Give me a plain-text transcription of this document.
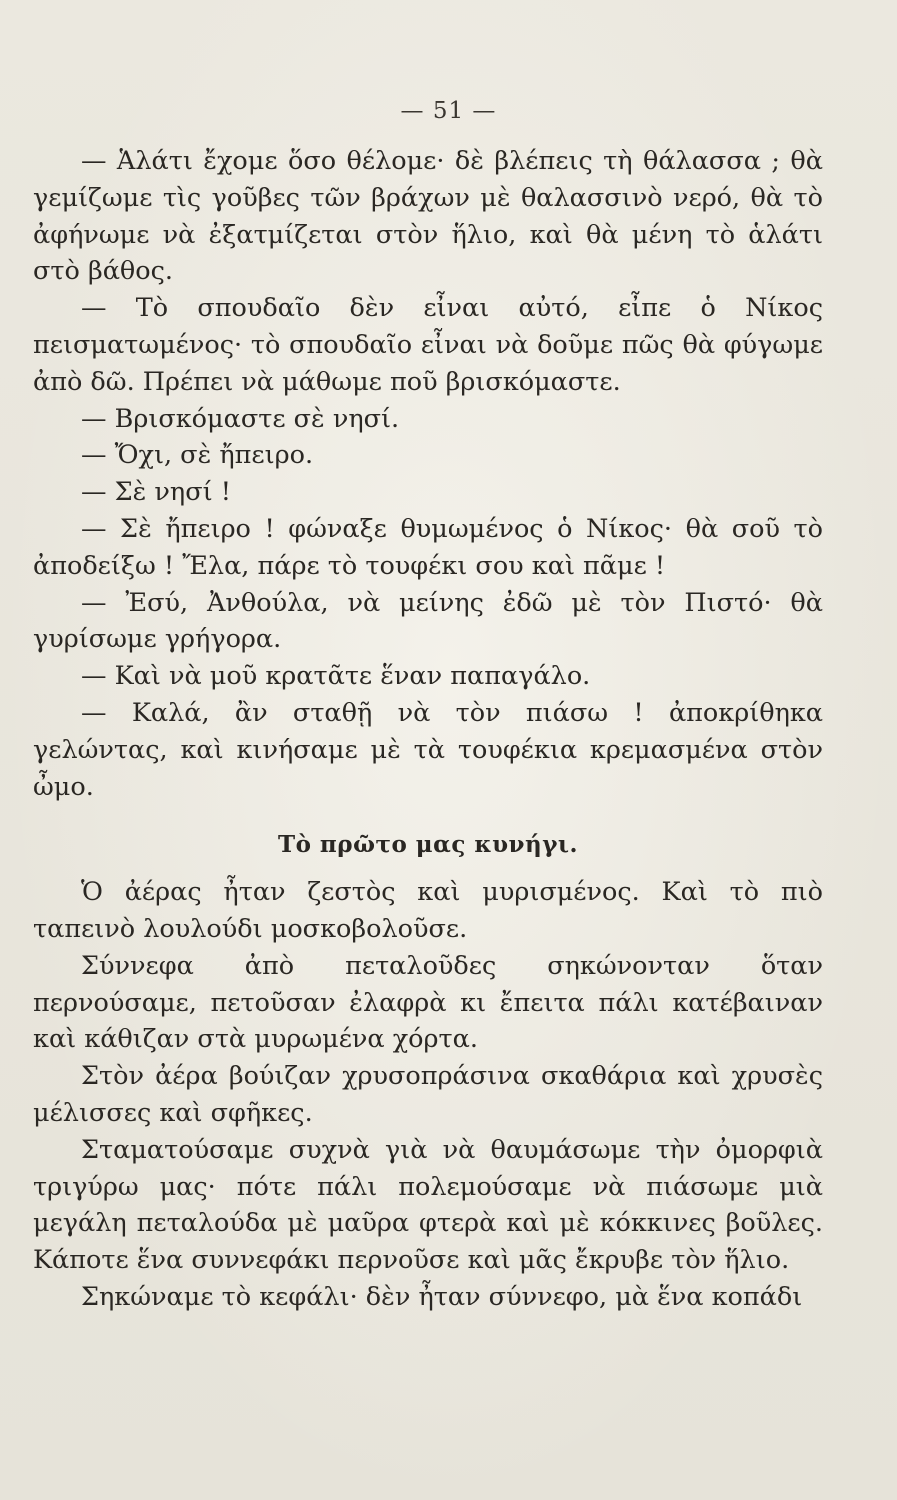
— 51 —

— Ἁλάτι ἔχομε ὅσο θέλομε· δὲ βλέπεις τὴ θάλασσα ; θὰ γεμίζωμε τὶς γοῦβες τῶν βράχων μὲ θαλασσινὸ νερό, θὰ τὸ ἀφήνωμε νὰ ἐξατμίζεται στὸν ἥλιο, καὶ θὰ μένη τὸ ἁλάτι στὸ βάθος.

— Τὸ σπουδαῖο δὲν εἶναι αὐτό, εἶπε ὁ Νίκος πεισματωμένος· τὸ σπουδαῖο εἶναι νὰ δοῦμε πῶς θὰ φύγωμε ἀπὸ δῶ. Πρέπει νὰ μάθωμε ποῦ βρισκόμαστε.

— Βρισκόμαστε σὲ νησί.

— Ὄχι, σὲ ἤπειρο.

— Σὲ νησί !

— Σὲ ἤπειρο ! φώναξε θυμωμένος ὁ Νίκος· θὰ σοῦ τὸ ἀποδείξω ! Ἔλα, πάρε τὸ τουφέκι σου καὶ πᾶμε !

— Ἐσύ, Ἀνθούλα, νὰ μείνης ἐδῶ μὲ τὸν Πιστό· θὰ γυρίσωμε γρήγορα.

— Καὶ νὰ μοῦ κρατᾶτε ἕναν παπαγάλο.

— Καλά, ἂν σταθῇ νὰ τὸν πιάσω ! ἀποκρίθηκα γελώντας, καὶ κινήσαμε μὲ τὰ τουφέκια κρεμασμένα στὸν ὦμο.

Τὸ πρῶτο μας κυνήγι.

Ὁ ἀέρας ἦταν ζεστὸς καὶ μυρισμένος. Καὶ τὸ πιὸ ταπεινὸ λουλούδι μοσκοβολοῦσε.

Σύννεφα ἀπὸ πεταλοῦδες σηκώνονταν ὅταν περνούσαμε, πετοῦσαν ἐλαφρὰ κι ἔπειτα πάλι κατέβαιναν καὶ κάθιζαν στὰ μυρωμένα χόρτα.

Στὸν ἀέρα βούιζαν χρυσοπράσινα σκαθάρια καὶ χρυσὲς μέλισσες καὶ σφῆκες.

Σταματούσαμε συχνὰ γιὰ νὰ θαυμάσωμε τὴν ὀμορφιὰ τριγύρω μας· πότε πάλι πολεμούσαμε νὰ πιάσωμε μιὰ μεγάλη πεταλούδα μὲ μαῦρα φτερὰ καὶ μὲ κόκκινες βοῦλες. Κάποτε ἕνα συννεφάκι περνοῦσε καὶ μᾶς ἔκρυβε τὸν ἥλιο.

Σηκώναμε τὸ κεφάλι· δὲν ἦταν σύννεφο, μὰ ἕνα κοπάδι
